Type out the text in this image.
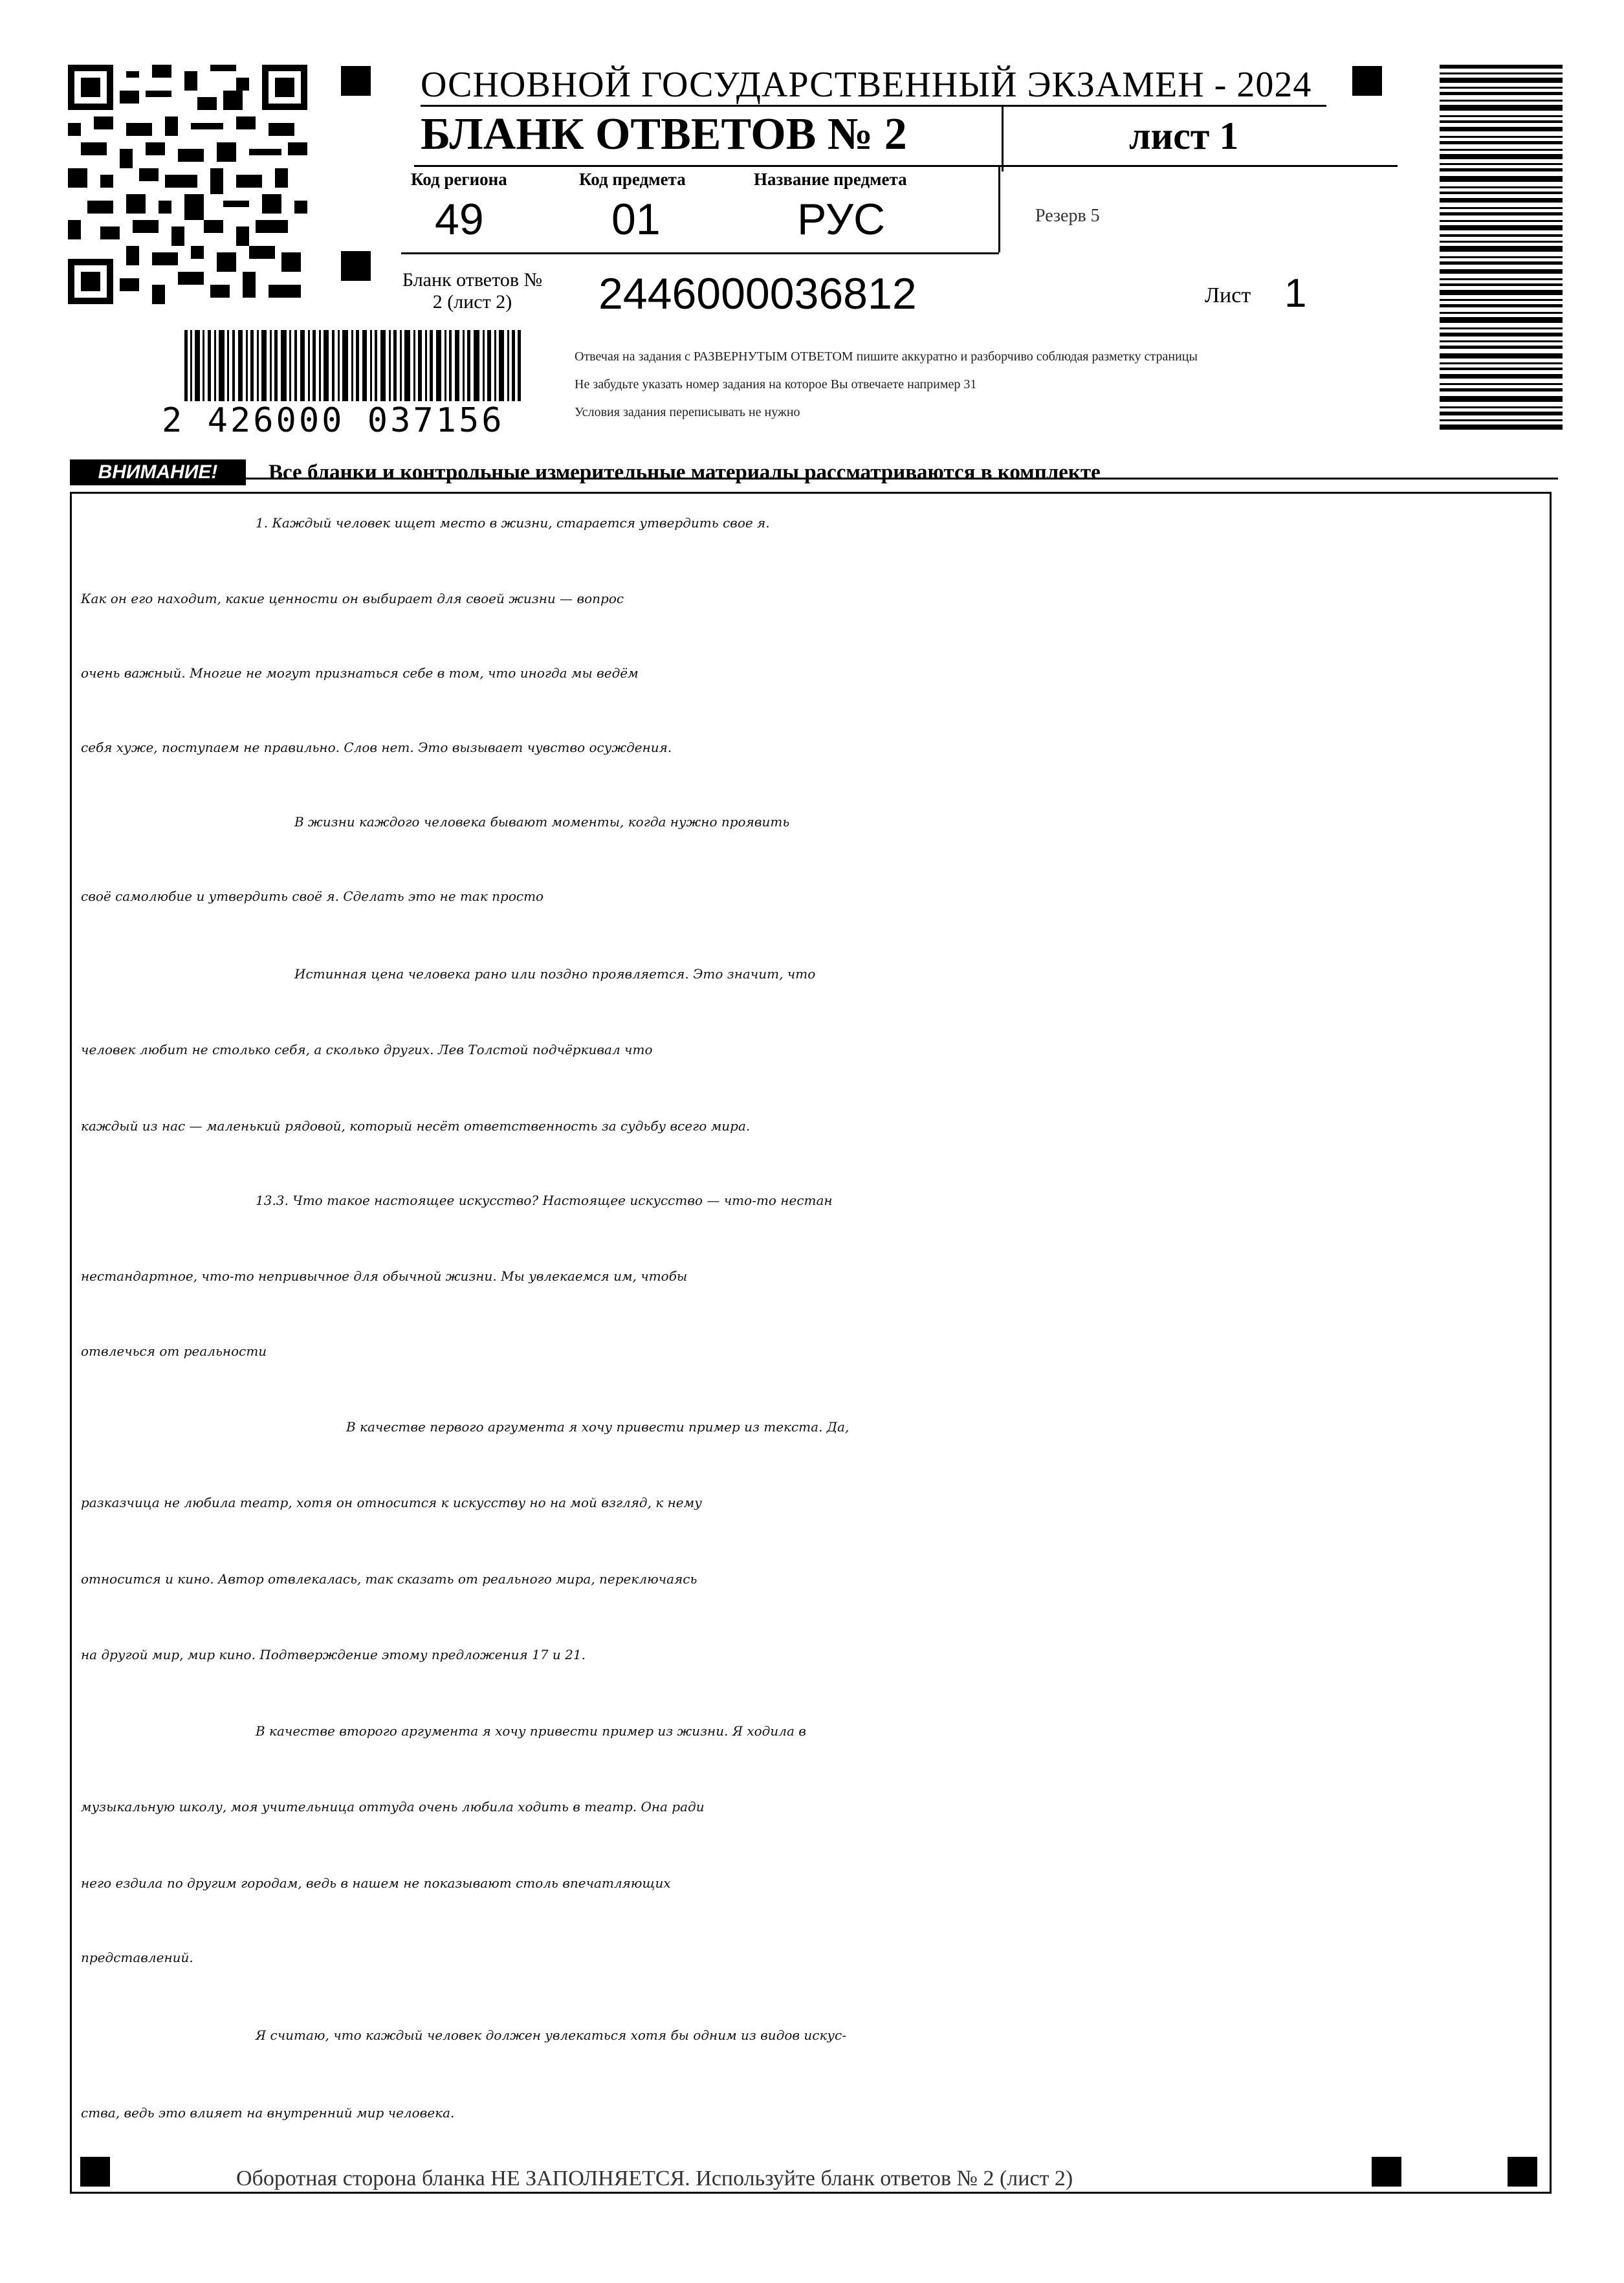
ОСНОВНОЙ ГОСУДАРСТВЕННЫЙ ЭКЗАМЕН - 2024
БЛАНК ОТВЕТОВ № 2	лист 1
Код региона
49
Код предмета
01
Название предмета
РУС	Резерв 5
Бланк ответов № 2 (лист 2)	2446000036812	Лист 1
2 426000 037156
Отвечая на задания с РАЗВЕРНУТЫМ ОТВЕТОМ пишите аккуратно и разборчиво соблюдая разметку страницы
Не забудьте указать номер задания на которое Вы отвечаете например 31
Условия задания переписывать не нужно
ВНИМАНИЕ!	Все бланки и контрольные измерительные материалы рассматриваются в комплекте
1. Каждый человек ищет место в жизни, старается утвердить свое я.
Как он его находит, какие ценности он выбирает для своей жизни — вопрос
очень важный. Многие не могут признаться себе в том, что иногда мы ведём
себя хуже, поступаем не правильно. Слов нет. Это вызывает чувство осуждения.
В жизни каждого человека бывают моменты, когда нужно проявить
своё самолюбие и утвердить своё я. Сделать это не так просто
Истинная цена человека рано или поздно проявляется. Это значит, что
человек любит не столько себя, а сколько других. Лев Толстой подчёркивал что
каждый из нас — маленький рядовой, который несёт ответственность за судьбу всего мира.
13.3. Что такое настоящее искусство? Настоящее искусство — что-то нестан
нестандартное, что-то непривычное для обычной жизни. Мы увлекаемся им, чтобы
отвлечься от реальности
В качестве первого аргумента я хочу привести пример из текста. Да,
разказчица не любила театр, хотя он относится к искусству но на мой взгляд, к нему
относится и кино. Автор отвлекалась, так сказать от реального мира, переключаясь
на другой мир, мир кино. Подтверждение этому предложения 17 и 21.
В качестве второго аргумента я хочу привести пример из жизни. Я ходила в
музыкальную школу, моя учительница оттуда очень любила ходить в театр. Она ради
него ездила по другим городам, ведь в нашем не показывают столь впечатляющих
представлений.
Я считаю, что каждый человек должен увлекаться хотя бы одним из видов искус-
ства, ведь это влияет на внутренний мир человека.
Оборотная сторона бланка НЕ ЗАПОЛНЯЕТСЯ. Используйте бланк ответов № 2 (лист 2)
